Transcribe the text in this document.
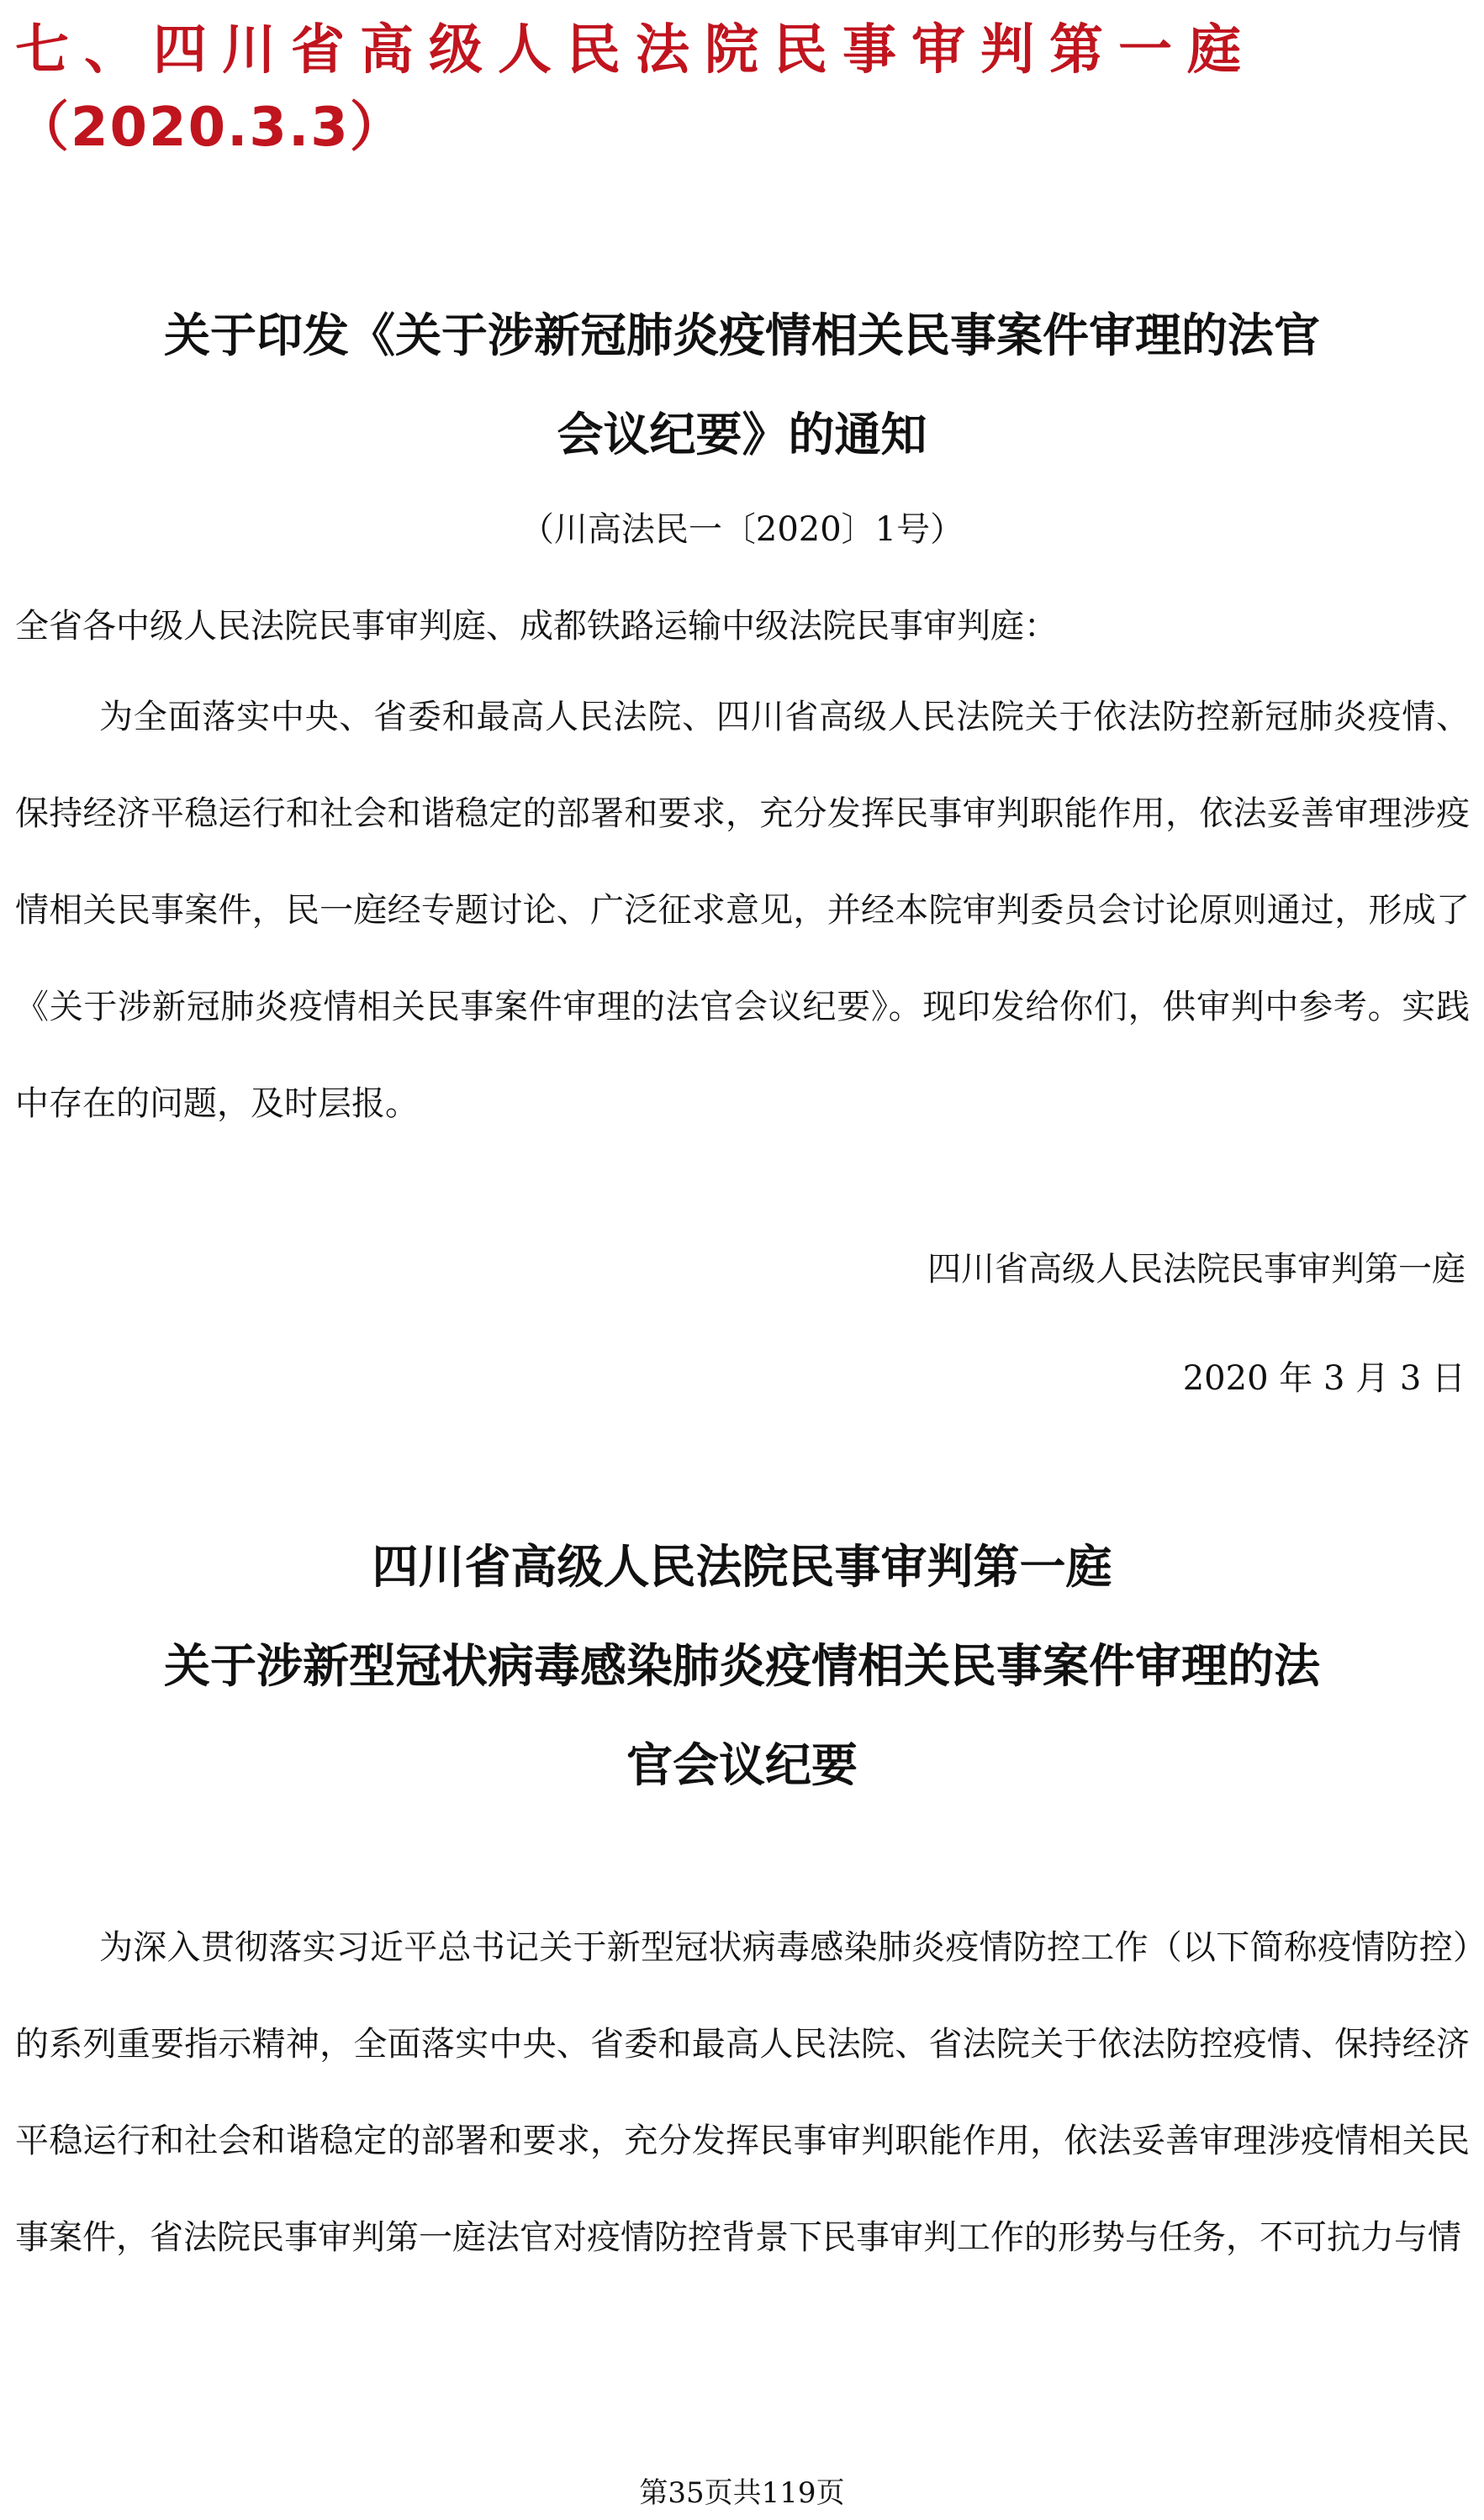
七、四川省高级人民法院民事审判第一庭
（2020.3.3）
关于印发《关于涉新冠肺炎疫情相关民事案件审理的法官
会议纪要》的通知
（川高法民一〔2020〕1号）
全省各中级人民法院民事审判庭、成都铁路运输中级法院民事审判庭：
为全面落实中央、省委和最高人民法院、四川省高级人民法院关于依法防控新冠肺炎疫情、保持经济平稳运行和社会和谐稳定的部署和要求，充分发挥民事审判职能作用，依法妥善审理涉疫情相关民事案件，民一庭经专题讨论、广泛征求意见，并经本院审判委员会讨论原则通过，形成了《关于涉新冠肺炎疫情相关民事案件审理的法官会议纪要》。现印发给你们，供审判中参考。实践中存在的问题，及时层报。
四川省高级人民法院民事审判第一庭
2020 年 3 月 3 日
四川省高级人民法院民事审判第一庭
关于涉新型冠状病毒感染肺炎疫情相关民事案件审理的法
官会议纪要
为深入贯彻落实习近平总书记关于新型冠状病毒感染肺炎疫情防控工作（以下简称疫情防控）的系列重要指示精神，全面落实中央、省委和最高人民法院、省法院关于依法防控疫情、保持经济平稳运行和社会和谐稳定的部署和要求，充分发挥民事审判职能作用，依法妥善审理涉疫情相关民事案件，省法院民事审判第一庭法官对疫情防控背景下民事审判工作的形势与任务，不可抗力与情
第35页共119页
